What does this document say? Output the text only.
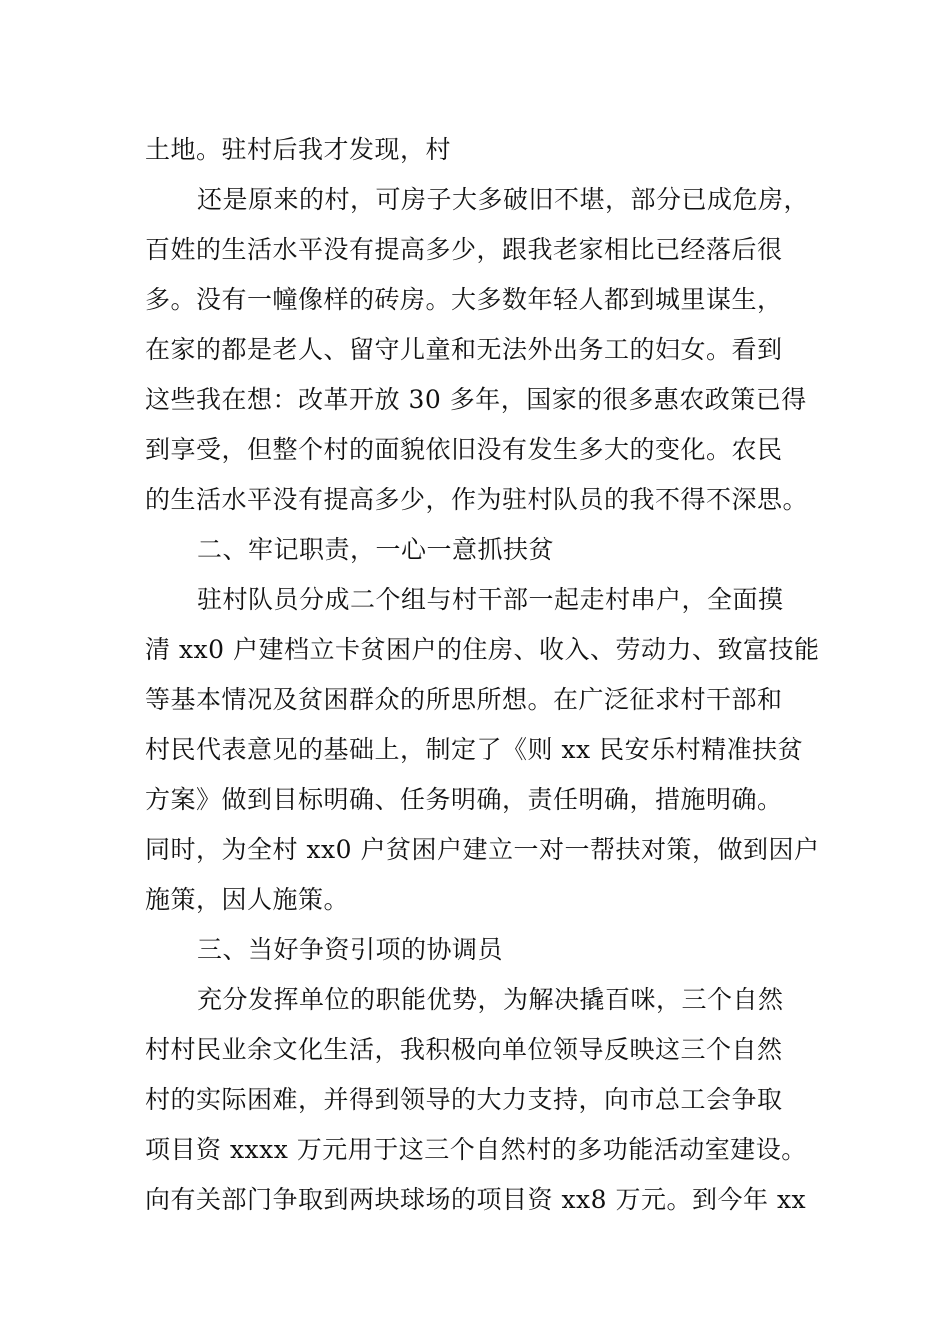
土地。驻村后我才发现，村
还是原来的村，可房子大多破旧不堪，部分已成危房，
百姓的生活水平没有提高多少，跟我老家相比已经落后很
多。没有一幢像样的砖房。大多数年轻人都到城里谋生，
在家的都是老人、留守儿童和无法外出务工的妇女。看到
这些我在想：改革开放 30 多年，国家的很多惠农政策已得
到享受，但整个村的面貌依旧没有发生多大的变化。农民
的生活水平没有提高多少，作为驻村队员的我不得不深思。
二、牢记职责，一心一意抓扶贫
驻村队员分成二个组与村干部一起走村串户，全面摸
清 xx0 户建档立卡贫困户的住房、收入、劳动力、致富技能
等基本情况及贫困群众的所思所想。在广泛征求村干部和
村民代表意见的基础上，制定了《则 xx 民安乐村精准扶贫
方案》做到目标明确、任务明确，责任明确，措施明确。
同时，为全村 xx0 户贫困户建立一对一帮扶对策，做到因户
施策，因人施策。
三、当好争资引项的协调员
充分发挥单位的职能优势，为解决撬百咪，三个自然
村村民业余文化生活，我积极向单位领导反映这三个自然
村的实际困难，并得到领导的大力支持，向市总工会争取
项目资 xxxx 万元用于这三个自然村的多功能活动室建设。
向有关部门争取到两块球场的项目资 xx8 万元。到今年 xx
